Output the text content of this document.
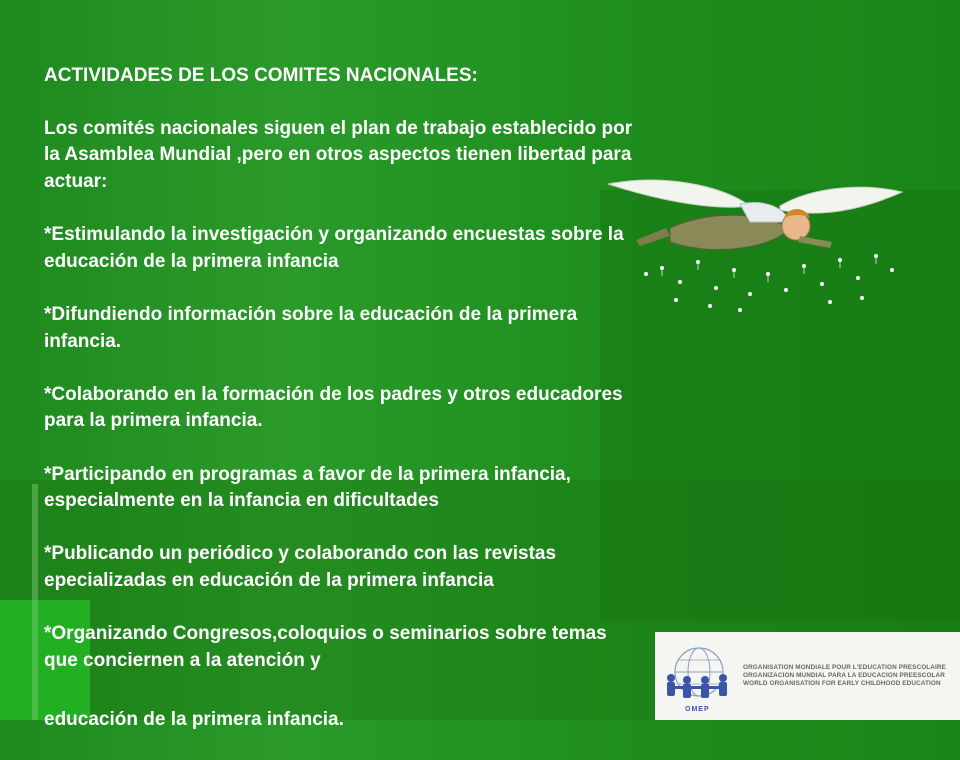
ACTIVIDADES DE LOS COMITES NACIONALES:

Los comités nacionales siguen el plan de trabajo establecido por la Asamblea Mundial ,pero en otros aspectos tienen libertad para actuar:

*Estimulando la investigación y organizando encuestas sobre la educación de la primera infancia

*Difundiendo información sobre la educación de la primera infancia.

*Colaborando en la formación de los padres y otros educadores para la primera infancia.

*Participando en programas a favor de la primera infancia, especialmente en la infancia en dificultades

*Publicando un periódico y colaborando con las revistas epecializadas en educación de la primera infancia

*Organizando Congresos,coloquios o seminarios sobre temas que conciernen a la atención y

educación de la primera infancia.	OMEP
ORGANISATION MONDIALE POUR L'EDUCATION PRESCOLAIRE
ORGANIZACION MUNDIAL PARA LA EDUCACION PREESCOLAR
WORLD ORGANISATION FOR EARLY CHILDHOOD EDUCATION
